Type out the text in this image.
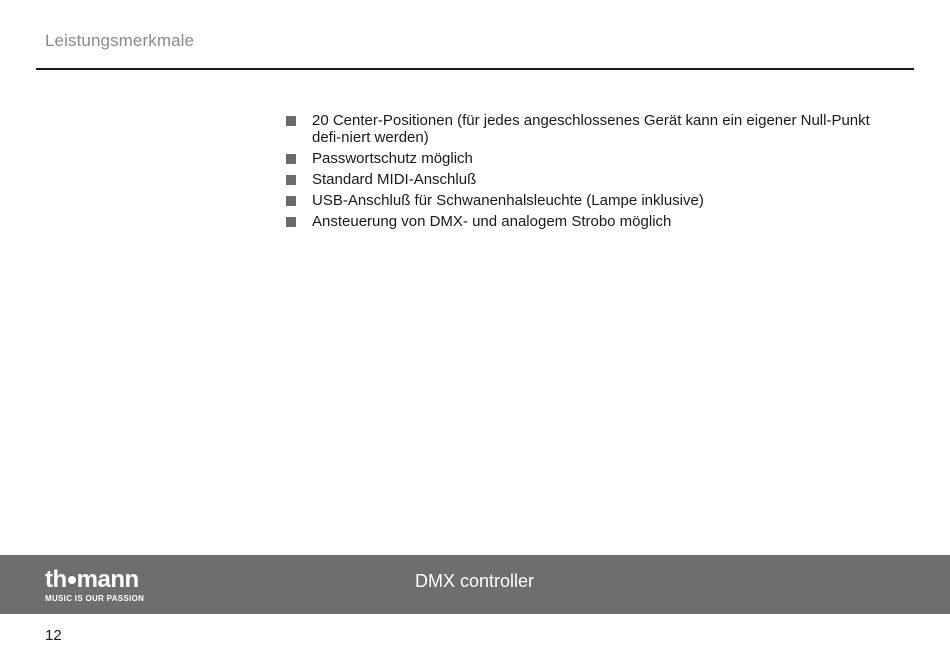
Leistungsmerkmale
20 Center-Positionen (für jedes angeschlossenes Gerät kann ein eigener Null-Punkt defi-niert werden)
Passwortschutz möglich
Standard MIDI-Anschluß
USB-Anschluß für Schwanenhalsleuchte (Lampe inklusive)
Ansteuerung von DMX- und analogem Strobo möglich
th mann
MUSIC IS OUR PASSION
DMX controller
12
